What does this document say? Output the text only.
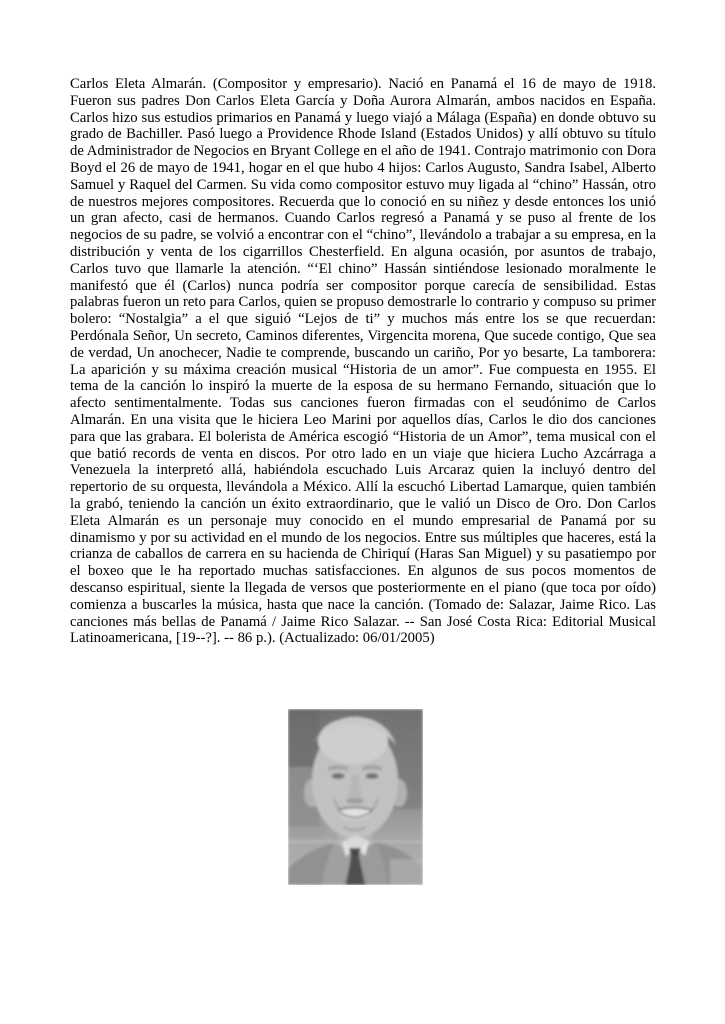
Carlos Eleta Almarán. (Compositor y empresario). Nació en Panamá el 16 de mayo de 1918. Fueron sus padres Don Carlos Eleta García y Doña Aurora Almarán, ambos nacidos en España. Carlos hizo sus estudios primarios en Panamá y luego viajó a Málaga (España) en donde obtuvo su grado de Bachiller. Pasó luego a Providence Rhode Island (Estados Unidos) y allí obtuvo su título de Administrador de Negocios en Bryant College en el año de 1941. Contrajo matrimonio con Dora Boyd el 26 de mayo de 1941, hogar en el que hubo 4 hijos: Carlos Augusto, Sandra Isabel, Alberto Samuel y Raquel del Carmen. Su vida como compositor estuvo muy ligada al “chino” Hassán, otro de nuestros mejores compositores. Recuerda que lo conoció en su niñez y desde entonces los unió un gran afecto, casi de hermanos. Cuando Carlos regresó a Panamá y se puso al frente de los negocios de su padre, se volvió a encontrar con el “chino”, llevándolo a trabajar a su empresa, en la distribución y venta de los cigarrillos Chesterfield. En alguna ocasión, por asuntos de trabajo, Carlos tuvo que llamarle la atención. “‘El chino” Hassán sintiéndose lesionado moralmente le manifestó que él (Carlos) nunca podría ser compositor porque carecía de sensibilidad. Estas palabras fueron un reto para Carlos, quien se propuso demostrarle lo contrario y compuso su primer bolero: “Nostalgia” a el que siguió “Lejos de ti” y muchos más entre los se que recuerdan: Perdónala Señor, Un secreto, Caminos diferentes, Virgencita morena, Que sucede contigo, Que sea de verdad, Un anochecer, Nadie te comprende, buscando un cariño, Por yo besarte, La tamborera: La aparición y su máxima creación musical “Historia de un amor”. Fue compuesta en 1955. El tema de la canción lo inspiró la muerte de la esposa de su hermano Fernando, situación que lo afecto sentimentalmente. Todas sus canciones fueron firmadas con el seudónimo de Carlos Almarán. En una visita que le hiciera Leo Marini por aquellos días, Carlos le dio dos canciones para que las grabara. El bolerista de América escogió “Historia de un Amor”, tema musical con el que batió records de venta en discos. Por otro lado en un viaje que hiciera Lucho Azcárraga a Venezuela la interpretó allá, habiéndola escuchado Luis Arcaraz quien la incluyó dentro del repertorio de su orquesta, llevándola a México. Allí la escuchó Libertad Lamarque, quien también la grabó, teniendo la canción un éxito extraordinario, que le valió un Disco de Oro. Don Carlos Eleta Almarán es un personaje muy conocido en el mundo empresarial de Panamá por su dinamismo y por su actividad en el mundo de los negocios. Entre sus múltiples que haceres, está la crianza de caballos de carrera en su hacienda de Chiriquí (Haras San Miguel) y su pasatiempo por el boxeo que le ha reportado muchas satisfacciones. En algunos de sus pocos momentos de descanso espiritual, siente la llegada de versos que posteriormente en el piano (que toca por oído) comienza a buscarles la música, hasta que nace la canción. (Tomado de: Salazar, Jaime Rico. Las canciones más bellas de Panamá / Jaime Rico Salazar. -- San José Costa Rica: Editorial Musical Latinoamericana, [19--?]. -- 86 p.). (Actualizado: 06/01/2005)
